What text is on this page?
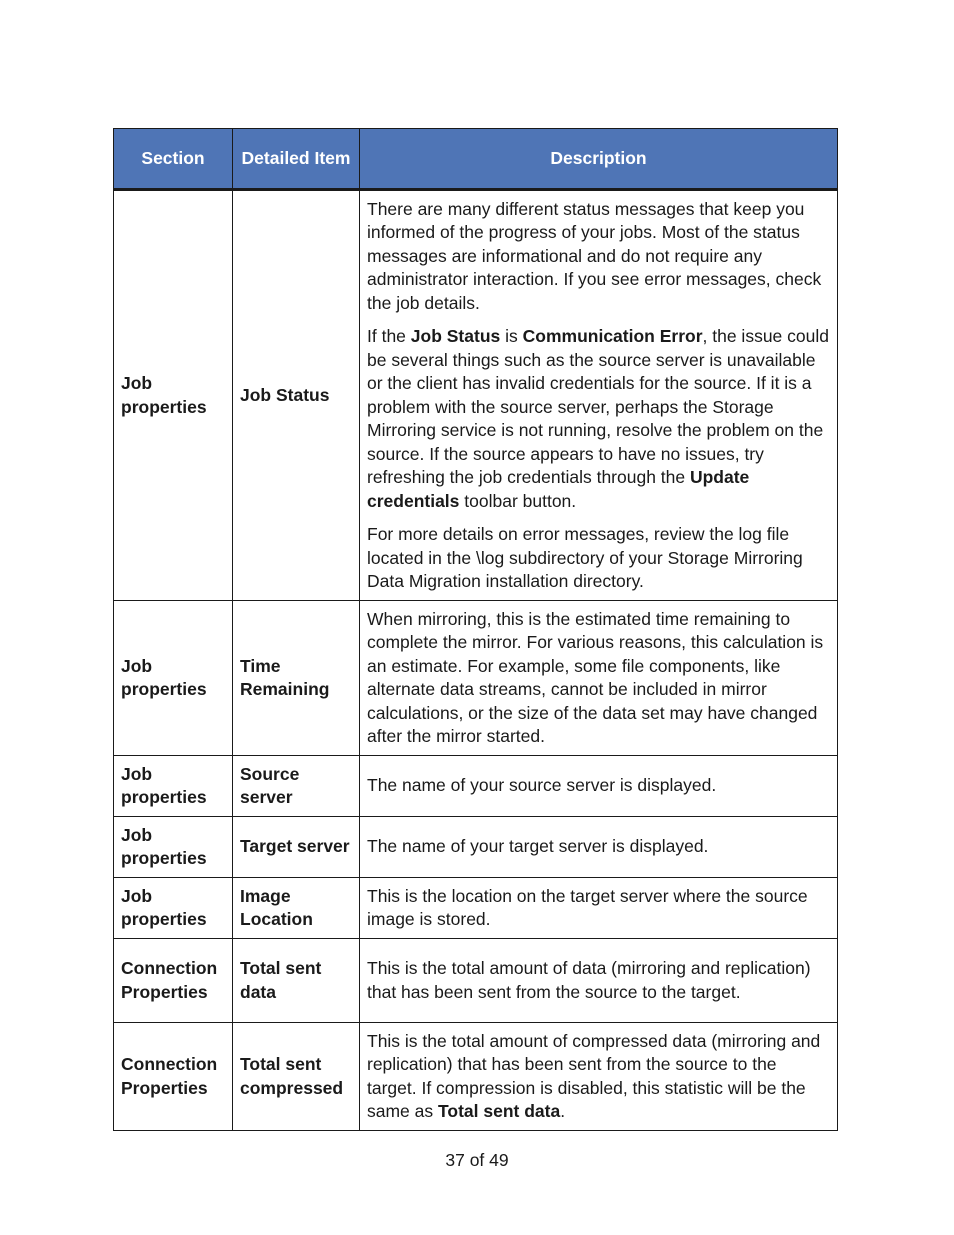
Section	Detailed Item	Description
Job properties	Job Status	There are many different status messages that keep you informed of the progress of your jobs. Most of the status messages are informational and do not require any administrator interaction. If you see error messages, check the job details.

If the Job Status is Communication Error, the issue could be several things such as the source server is unavailable or the client has invalid credentials for the source. If it is a problem with the source server, perhaps the Storage Mirroring service is not running, resolve the problem on the source. If the source appears to have no issues, try refreshing the job credentials through the Update credentials toolbar button.

For more details on error messages, review the log file located in the \log subdirectory of your Storage Mirroring Data Migration installation directory.

Job properties	Time Remaining	When mirroring, this is the estimated time remaining to complete the mirror. For various reasons, this calculation is an estimate. For example, some file components, like alternate data streams, cannot be included in mirror calculations, or the size of the data set may have changed after the mirror started.
Job properties	Source server	The name of your source server is displayed.
Job properties	Target server	The name of your target server is displayed.
Job properties	Image Location	This is the location on the target server where the source image is stored.
Connection Properties	Total sent data	This is the total amount of data (mirroring and replication) that has been sent from the source to the target.
Connection Properties	Total sent compressed	This is the total amount of compressed data (mirroring and replication) that has been sent from the source to the target. If compression is disabled, this statistic will be the same as Total sent data.
37 of 49
